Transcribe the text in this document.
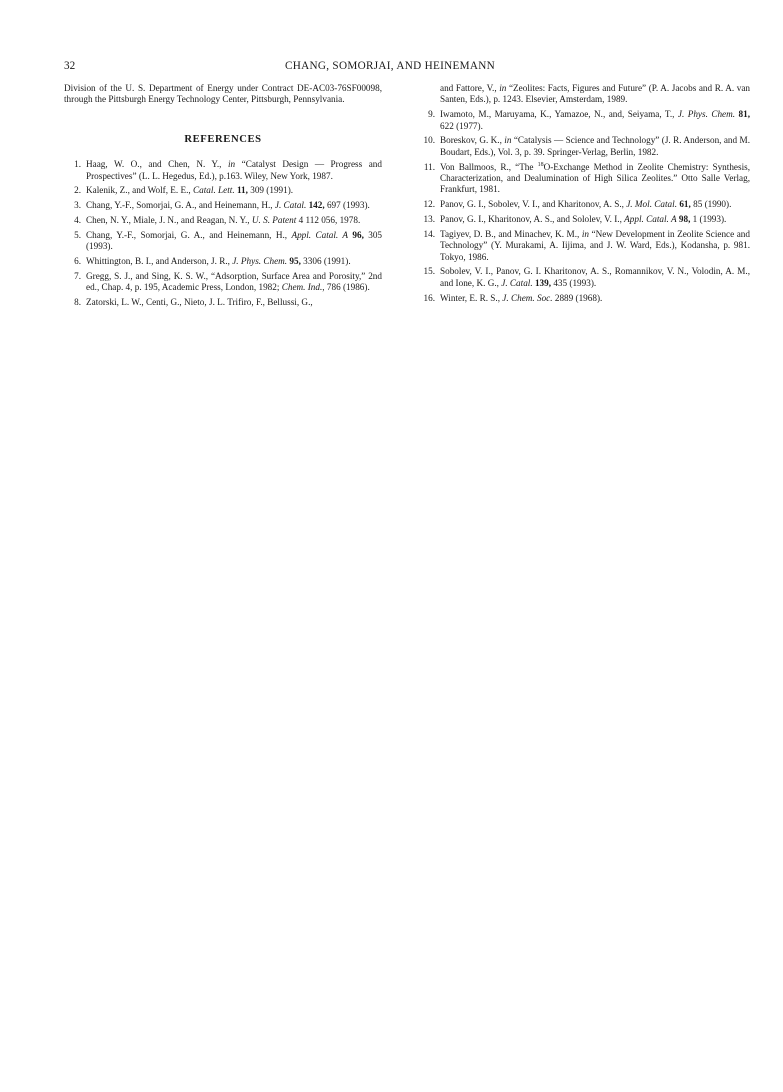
32	CHANG, SOMORJAI, AND HEINEMANN

Division of the U. S. Department of Energy under Contract DE-AC03-76SF00098, through the Pittsburgh Energy Technology Center, Pittsburgh, Pennsylvania.

REFERENCES
1. Haag, W. O., and Chen, N. Y., in “Catalyst Design — Progress and Prospectives” (L. L. Hegedus, Ed.), p.163. Wiley, New York, 1987.
2. Kalenik, Z., and Wolf, E. E., Catal. Lett. 11, 309 (1991).
3. Chang, Y.-F., Somorjai, G. A., and Heinemann, H., J. Catal. 142, 697 (1993).
4. Chen, N. Y., Miale, J. N., and Reagan, N. Y., U. S. Patent 4 112 056, 1978.
5. Chang, Y.-F., Somorjai, G. A., and Heinemann, H., Appl. Catal. A 96, 305 (1993).
6. Whittington, B. I., and Anderson, J. R., J. Phys. Chem. 95, 3306 (1991).
7. Gregg, S. J., and Sing, K. S. W., “Adsorption, Surface Area and Porosity,” 2nd ed., Chap. 4, p. 195, Academic Press, London, 1982; Chem. Ind., 786 (1986).
8. Zatorski, L. W., Centi, G., Nieto, J. L. Trifiro, F., Bellussi, G.,

and Fattore, V., in “Zeolites: Facts, Figures and Future” (P. A. Jacobs and R. A. van Santen, Eds.), p. 1243. Elsevier, Amsterdam, 1989.

9. Iwamoto, M., Maruyama, K., Yamazoe, N., and, Seiyama, T., J. Phys. Chem. 81, 622 (1977).
10. Boreskov, G. K., in “Catalysis — Science and Technology” (J. R. Anderson, and M. Boudart, Eds.), Vol. 3, p. 39. Springer-Verlag, Berlin, 1982.
11. Von Ballmoos, R., “The $^{18}$O-Exchange Method in Zeolite Chemistry: Synthesis, Characterization, and Dealumination of High Silica Zeolites.” Otto Salle Verlag, Frankfurt, 1981.
12. Panov, G. I., Sobolev, V. I., and Kharitonov, A. S., J. Mol. Catal. 61, 85 (1990).
13. Panov, G. I., Kharitonov, A. S., and Sololev, V. I., Appl. Catal. A 98, 1 (1993).
14. Tagiyev, D. B., and Minachev, K. M., in “New Development in Zeolite Science and Technology” (Y. Murakami, A. Iijima, and J. W. Ward, Eds.), Kodansha, p. 981. Tokyo, 1986.
15. Sobolev, V. I., Panov, G. I. Kharitonov, A. S., Romannikov, V. N., Volodin, A. M., and Ione, K. G., J. Catal. 139, 435 (1993).
16. Winter, E. R. S., J. Chem. Soc. 2889 (1968).
